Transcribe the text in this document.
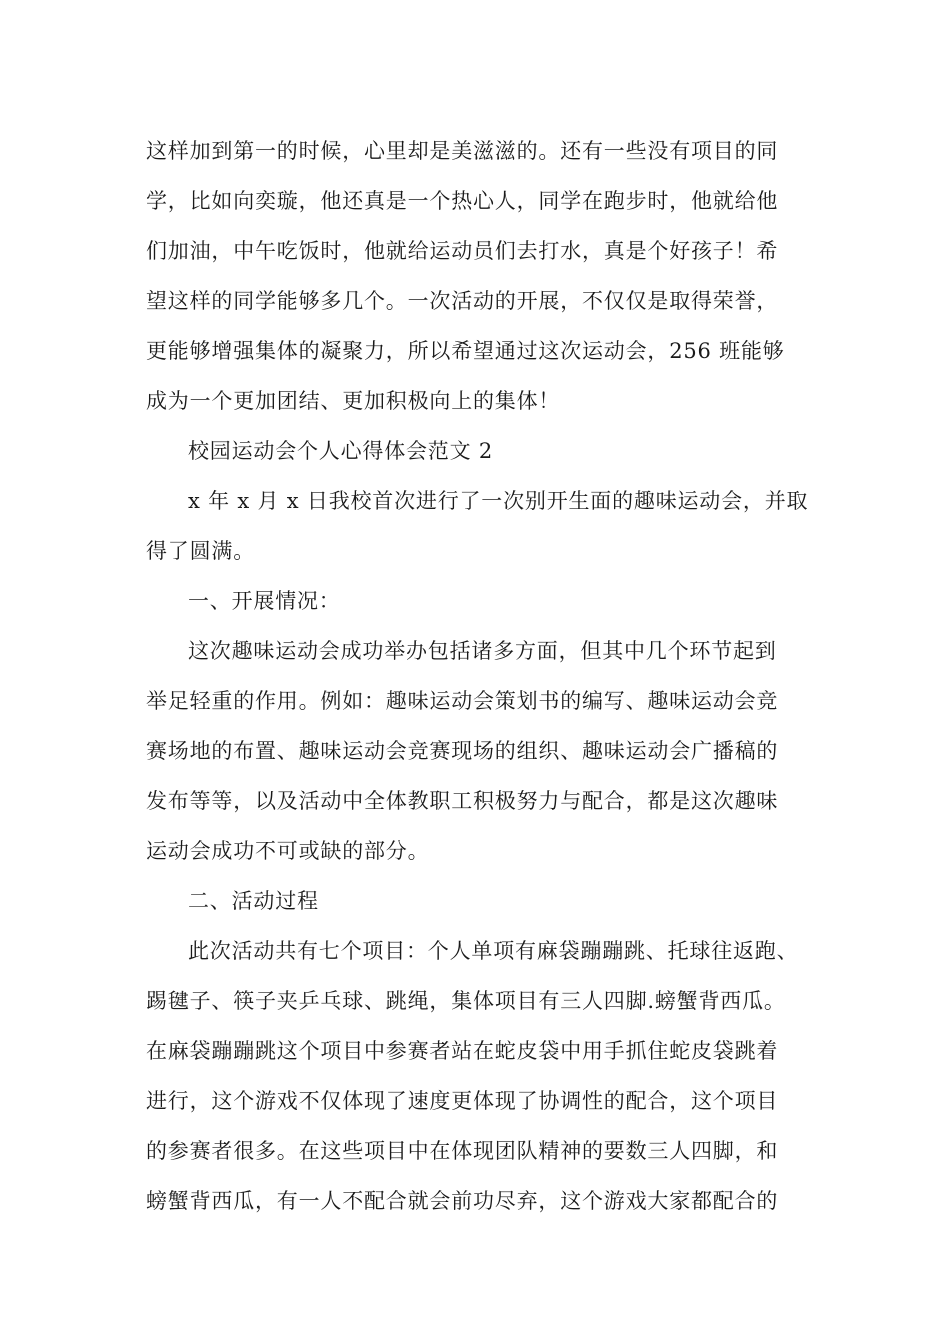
这样加到第一的时候，心里却是美滋滋的。还有一些没有项目的同
学，比如向奕璇，他还真是一个热心人，同学在跑步时，他就给他
们加油，中午吃饭时，他就给运动员们去打水，真是个好孩子！希
望这样的同学能够多几个。一次活动的开展，不仅仅是取得荣誉，
更能够增强集体的凝聚力，所以希望通过这次运动会，256 班能够
成为一个更加团结、更加积极向上的集体！
校园运动会个人心得体会范文 2
x 年 x 月 x 日我校首次进行了一次别开生面的趣味运动会，并取
得了圆满。
一、开展情况：
这次趣味运动会成功举办包括诸多方面，但其中几个环节起到
举足轻重的作用。例如：趣味运动会策划书的编写、趣味运动会竞
赛场地的布置、趣味运动会竞赛现场的组织、趣味运动会广播稿的
发布等等，以及活动中全体教职工积极努力与配合，都是这次趣味
运动会成功不可或缺的部分。
二、活动过程
此次活动共有七个项目：个人单项有麻袋蹦蹦跳、托球往返跑、
踢毽子、筷子夹乒乓球、跳绳，集体项目有三人四脚.螃蟹背西瓜。
在麻袋蹦蹦跳这个项目中参赛者站在蛇皮袋中用手抓住蛇皮袋跳着
进行，这个游戏不仅体现了速度更体现了协调性的配合，这个项目
的参赛者很多。在这些项目中在体现团队精神的要数三人四脚，和
螃蟹背西瓜，有一人不配合就会前功尽弃，这个游戏大家都配合的
